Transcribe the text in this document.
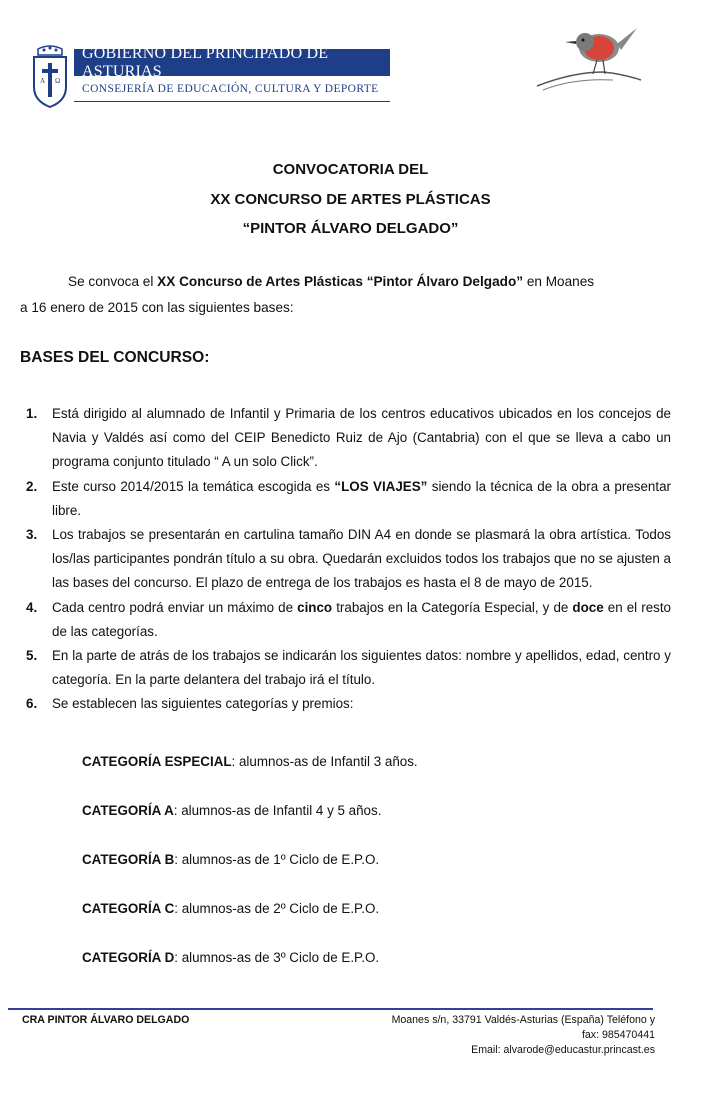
A Ω
GOBIERNO DEL PRINCIPADO DE ASTURIAS
CONSEJERÍA DE EDUCACIÓN, CULTURA Y DEPORTE
CONVOCATORIA DEL
XX CONCURSO DE ARTES PLÁSTICAS
“PINTOR ÁLVARO DELGADO”
Se convoca el XX Concurso de Artes Plásticas “Pintor Álvaro Delgado” en Moanes
a 16 enero de 2015 con las siguientes bases:
BASES DEL CONCURSO:
1. Está dirigido al alumnado de Infantil y Primaria de los centros educativos ubicados en los concejos de Navia y Valdés así como del CEIP Benedicto Ruiz de Ajo (Cantabria) con el que se lleva a cabo un programa conjunto titulado “ A un solo Click”.
2. Este curso 2014/2015 la temática escogida es “LOS VIAJES” siendo la técnica de la obra a presentar libre.
3. Los trabajos se presentarán en cartulina tamaño DIN A4 en donde se plasmará la obra artística. Todos los/las participantes pondrán título a su obra. Quedarán excluidos todos los trabajos que no se ajusten a las bases del concurso. El plazo de entrega de los trabajos es hasta el 8 de mayo de 2015.
4. Cada centro podrá enviar un máximo de cinco trabajos en la Categoría Especial, y de doce en el resto de las categorías.
5. En la parte de atrás de los trabajos se indicarán los siguientes datos: nombre y apellidos, edad, centro y categoría. En la parte delantera del trabajo irá el título.
6. Se establecen las siguientes categorías y premios:
CATEGORÍA ESPECIAL: alumnos-as de Infantil 3 años.
CATEGORÍA A: alumnos-as de Infantil 4 y 5 años.
CATEGORÍA B: alumnos-as de 1º Ciclo de E.P.O.
CATEGORÍA C: alumnos-as de 2º Ciclo de E.P.O.
CATEGORÍA D: alumnos-as de 3º Ciclo de E.P.O.
CRA PINTOR ÁLVARO DELGADO	Moanes s/n, 33791 Valdés-Asturias (España) Teléfono y
fax: 985470441
Email: alvarode@educastur.princast.es
